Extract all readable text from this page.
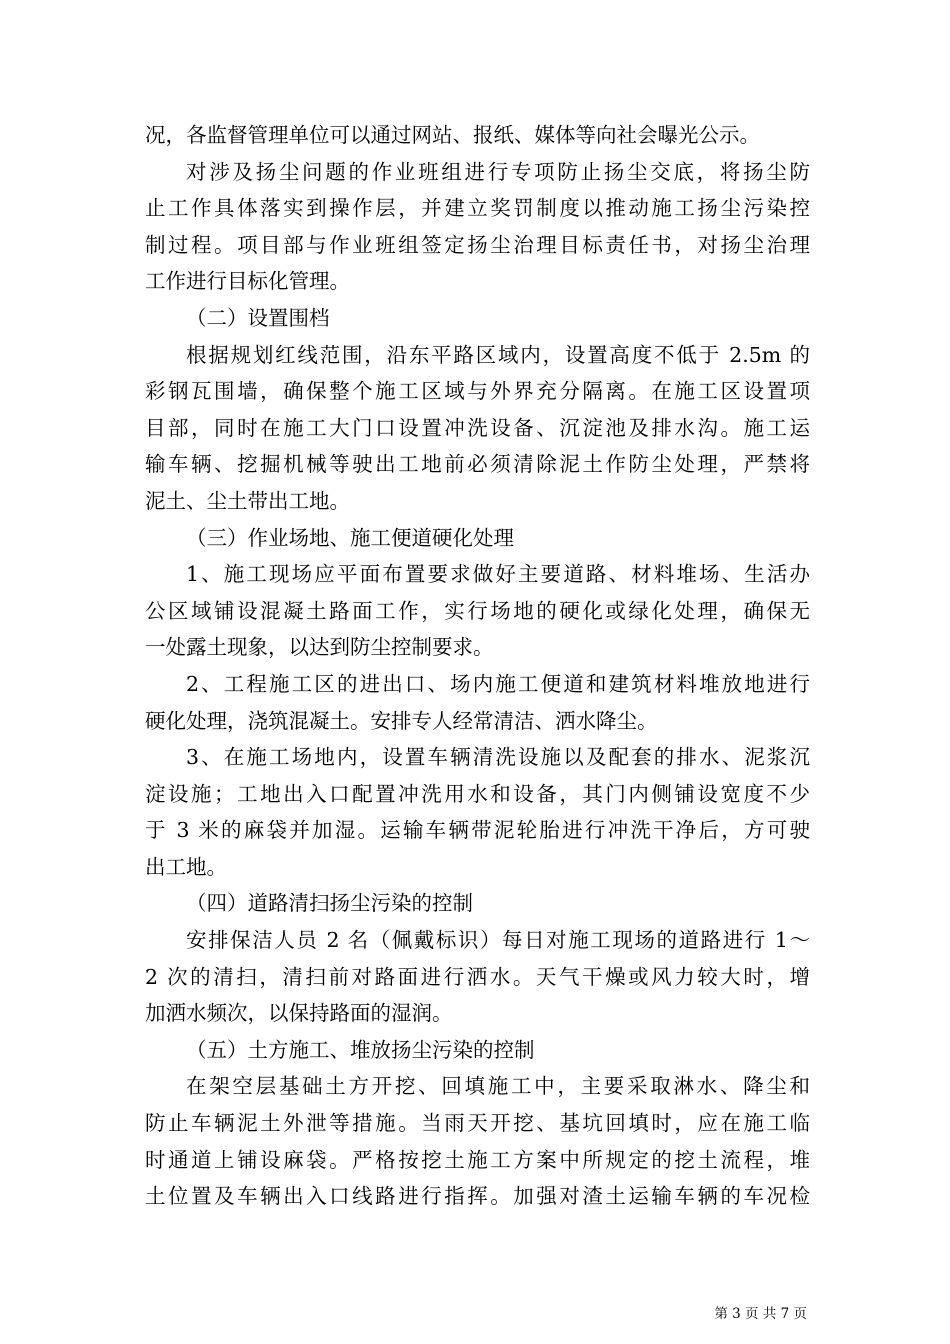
况，各监督管理单位可以通过网站、报纸、媒体等向社会曝光公示。
对涉及扬尘问题的作业班组进行专项防止扬尘交底，将扬尘防
止工作具体落实到操作层，并建立奖罚制度以推动施工扬尘污染控
制过程。项目部与作业班组签定扬尘治理目标责任书，对扬尘治理
工作进行目标化管理。
（二）设置围档
根据规划红线范围，沿东平路区域内，设置高度不低于 2.5m 的
彩钢瓦围墙，确保整个施工区域与外界充分隔离。在施工区设置项
目部，同时在施工大门口设置冲洗设备、沉淀池及排水沟。施工运
输车辆、挖掘机械等驶出工地前必须清除泥土作防尘处理，严禁将
泥土、尘土带出工地。
（三）作业场地、施工便道硬化处理
1、施工现场应平面布置要求做好主要道路、材料堆场、生活办
公区域铺设混凝土路面工作，实行场地的硬化或绿化处理，确保无
一处露土现象，以达到防尘控制要求。
2、工程施工区的进出口、场内施工便道和建筑材料堆放地进行
硬化处理，浇筑混凝土。安排专人经常清洁、洒水降尘。
3、在施工场地内，设置车辆清洗设施以及配套的排水、泥浆沉
淀设施；工地出入口配置冲洗用水和设备，其门内侧铺设宽度不少
于 3 米的麻袋并加湿。运输车辆带泥轮胎进行冲洗干净后，方可驶
出工地。
（四）道路清扫扬尘污染的控制
安排保洁人员 2 名（佩戴标识）每日对施工现场的道路进行 1～
2 次的清扫，清扫前对路面进行洒水。天气干燥或风力较大时，增
加洒水频次，以保持路面的湿润。
（五）土方施工、堆放扬尘污染的控制
在架空层基础土方开挖、回填施工中，主要采取淋水、降尘和
防止车辆泥土外泄等措施。当雨天开挖、基坑回填时，应在施工临
时通道上铺设麻袋。严格按挖土施工方案中所规定的挖土流程，堆
土位置及车辆出入口线路进行指挥。加强对渣土运输车辆的车况检
第 3 页 共 7 页
